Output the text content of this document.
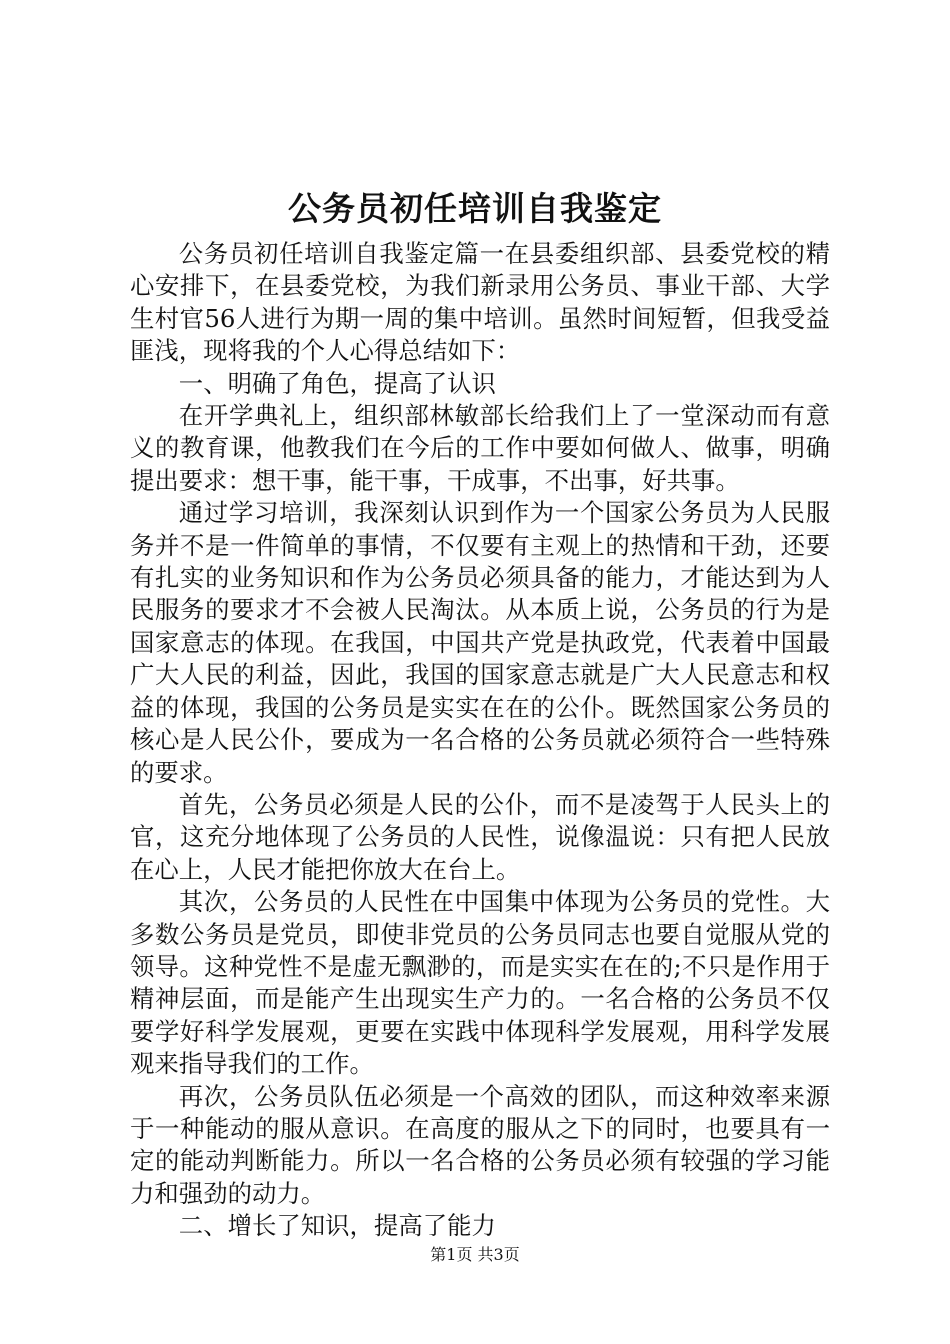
公务员初任培训自我鉴定

公务员初任培训自我鉴定篇一在县委组织部、县委党校的精心安排下，在县委党校，为我们新录用公务员、事业干部、大学生村官56人进行为期一周的集中培训。虽然时间短暂，但我受益匪浅，现将我的个人心得总结如下：

一、明确了角色，提高了认识

在开学典礼上，组织部林敏部长给我们上了一堂深动而有意义的教育课，他教我们在今后的工作中要如何做人、做事，明确提出要求：想干事，能干事，干成事，不出事，好共事。

通过学习培训，我深刻认识到作为一个国家公务员为人民服务并不是一件简单的事情，不仅要有主观上的热情和干劲，还要有扎实的业务知识和作为公务员必须具备的能力，才能达到为人民服务的要求才不会被人民淘汰。从本质上说，公务员的行为是国家意志的体现。在我国，中国共产党是执政党，代表着中国最广大人民的利益，因此，我国的国家意志就是广大人民意志和权益的体现，我国的公务员是实实在在的公仆。既然国家公务员的核心是人民公仆，要成为一名合格的公务员就必须符合一些特殊的要求。

首先，公务员必须是人民的公仆，而不是凌驾于人民头上的官，这充分地体现了公务员的人民性，说像温说：只有把人民放在心上，人民才能把你放大在台上。

其次，公务员的人民性在中国集中体现为公务员的党性。大多数公务员是党员，即使非党员的公务员同志也要自觉服从党的领导。这种党性不是虚无飘渺的，而是实实在在的;不只是作用于精神层面，而是能产生出现实生产力的。一名合格的公务员不仅要学好科学发展观，更要在实践中体现科学发展观，用科学发展观来指导我们的工作。

再次，公务员队伍必须是一个高效的团队，而这种效率来源于一种能动的服从意识。在高度的服从之下的同时，也要具有一定的能动判断能力。所以一名合格的公务员必须有较强的学习能力和强劲的动力。

二、增长了知识，提高了能力

第1页 共3页
